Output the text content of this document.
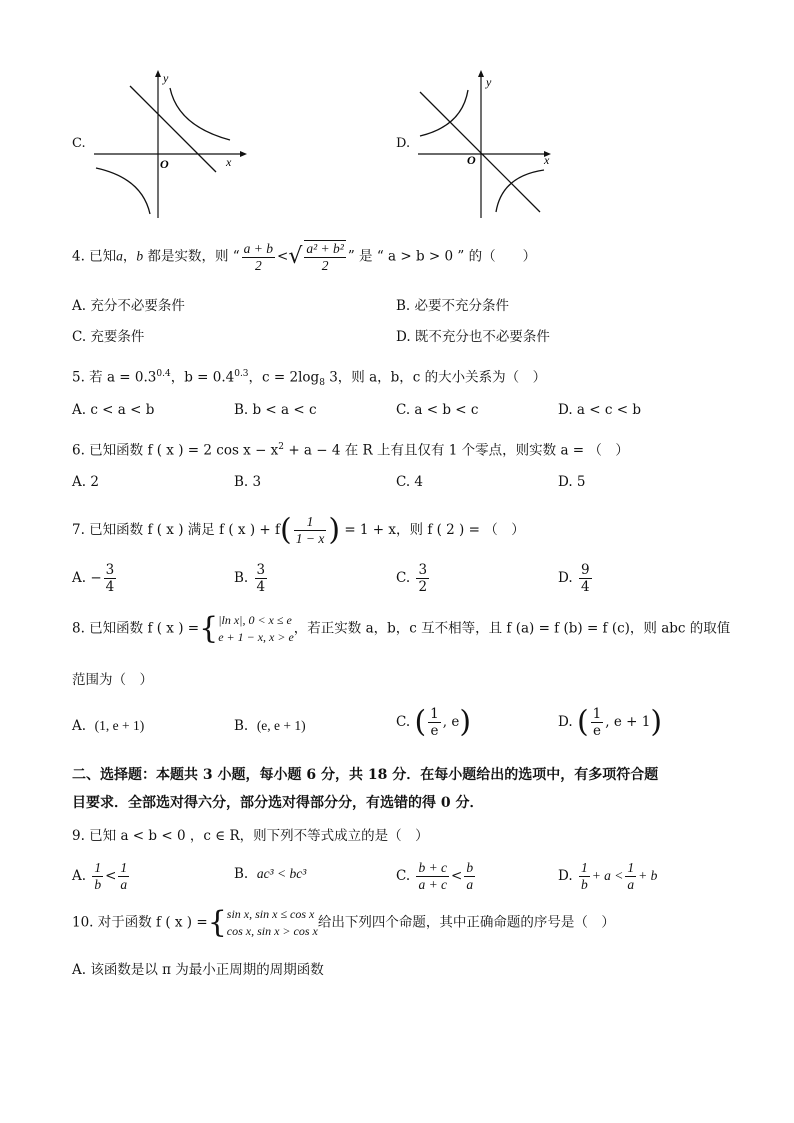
C.
y
x
O
D.
y
x
O
4. 已知a，b 都是实数，则 “ $\frac{a + b}{2}$ <√ $\frac{\text{a² + b²}}{2}$ ” 是 “ a > b > 0 ” 的（　　）
A. 充分不必要条件	B. 必要不充分条件
C. 充要条件	D. 既不充分也不必要条件
5. 若 $a = 0.3^{0.4}$，$b = 0.4^{0.3}$，$c = 2\log_8$ 3，则 a，b，c 的大小关系为（　）
A. c < a < b	B. b < a < c	C. a < b < c	D. a < c < b
6. 已知函数 f ( x ) = 2 $\cos x - x^2 + a - 4$ 在 R 上有且仅有 1 个零点，则实数 a = （　）
A. 2	B. 3	C. 4	D. 5
7. 已知函数 f ( x ) 满足 f ( x ) + $f( \frac{1}{1 - x}$ ) = 1 + x，则 f ( 2 ) = （　）
A. − $\frac{3}{4}$	B. $\frac{3}{4}$	C. $\frac{3}{2}$	D. $\frac{9}{4}$
8. 已知函数 f ( x ) ={ |ln x|, 0 < x ≤ e
e + 1 − x, x > e
，若正实数 a，b，c 互不相等，且 f (a) = f (b) = f (c)，则 abc 的取值
范围为（　）
A. (1, e + 1)	B. (e, e + 1)	C. ( $\frac{1}{e}$ , e)	D. ( $\frac{1}{e}$ , e + 1)
二、选择题：本题共 3 小题，每小题 6 分，共 18 分．在每小题给出的选项中，有多项符合题
目要求．全部选对得六分，部分选对得部分分，有选错的得 0 分．
9. 已知 a < b < 0 ，c ∈ R，则下列不等式成立的是（　）
A. $\frac{1}{b} < \frac{1}{a}$	B. ac³ < bc³	C. $\frac{b + c}{a + c} < \frac{b}{a}$	D. $\frac{1}{b} + a < \frac{1}{a} + b$
10. 对于函数 f ( x ) ={ sin x, sin x ≤ cos x
cos x, sin x > cos x
给出下列四个命题，其中正确命题的序号是（　）
A. 该函数是以 π 为最小正周期的周期函数
